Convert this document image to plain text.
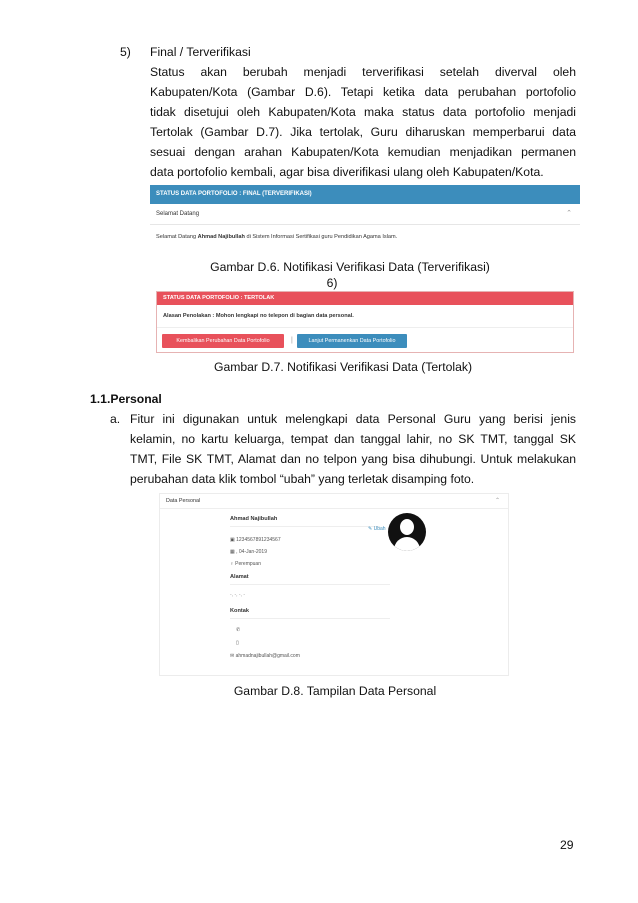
5) Final / Terverifikasi
Status akan berubah menjadi terverifikasi setelah diverval oleh
Kabupaten/Kota (Gambar D.6). Tetapi ketika data perubahan portofolio
tidak disetujui oleh Kabupaten/Kota maka status data portofolio menjadi
Tertolak (Gambar D.7). Jika tertolak, Guru diharuskan memperbarui data
sesuai dengan arahan Kabupaten/Kota kemudian menjadikan permanen
data portofolio kembali, agar bisa diverifikasi ulang oleh Kabupaten/Kota.
STATUS DATA PORTOFOLIO : FINAL (TERVERIFIKASI)
Selamat Datang	⌃
Selamat Datang Ahmad Najibullah di Sistem Informasi Sertifikasi guru Pendidikan Agama Islam.
Gambar D.6. Notifikasi Verifikasi Data (Terverifikasi)
6)
STATUS DATA PORTOFOLIO : TERTOLAK
Alasan Penolakan : Mohon lengkapi no telepon di bagian data personal.
Kembalikan Perubahan Data Portofolio	|	Lanjut Permanenkan Data Portofolio
Gambar D.7. Notifikasi Verifikasi Data (Tertolak)
1.1.Personal
a. Fitur ini digunakan untuk melengkapi data Personal Guru yang berisi jenis
kelamin, no kartu keluarga, tempat dan tanggal lahir, no SK TMT, tanggal SK
TMT, File SK TMT, Alamat dan no telpon yang bisa dihubungi. Untuk melakukan
perubahan data klik tombol “ubah” yang terletak disamping foto.
Data Personal	⌃
Ahmad Najibullah
✎ Ubah
▣ 1234567891234567
▦ , 04-Jan-2019
♀ Perempuan
Alamat
-, -, -, -
Kontak
✆
▯
✉ ahmadnajibullah@gmail.com
Gambar D.8. Tampilan Data Personal
29
